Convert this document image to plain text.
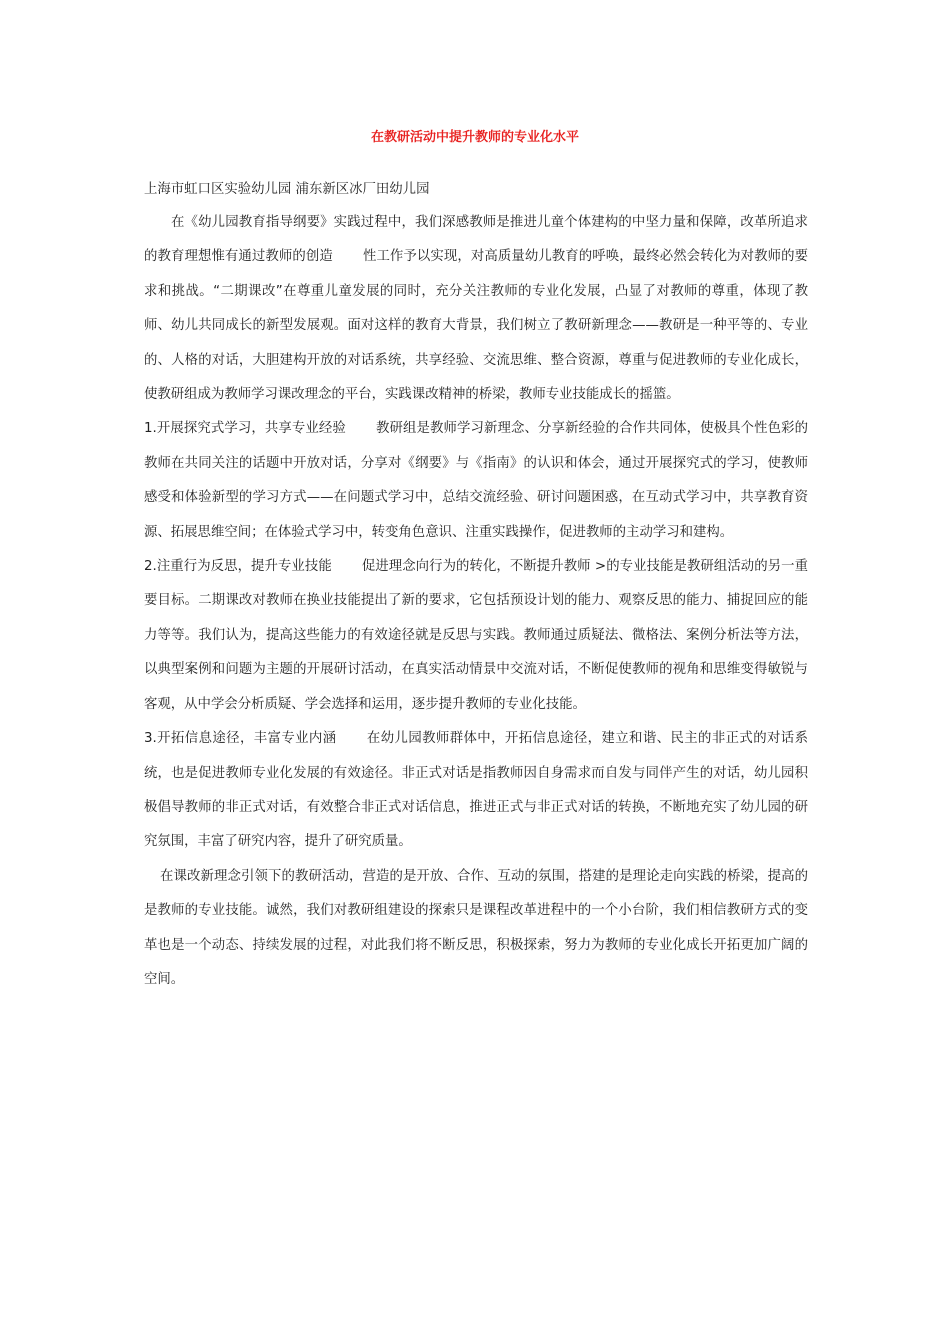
在教研活动中提升教师的专业化水平

上海市虹口区实验幼儿园 浦东新区冰厂田幼儿园

在《幼儿园教育指导纲要》实践过程中，我们深感教师是推进儿童个体建构的中坚力量和保障，改革所追求的教育理想惟有通过教师的创造 性工作予以实现，对高质量幼儿教育的呼唤，最终必然会转化为对教师的要求和挑战。“二期课改”在尊重儿童发展的同时，充分关注教师的专业化发展，凸显了对教师的尊重，体现了教师、幼儿共同成长的新型发展观。面对这样的教育大背景，我们树立了教研新理念——教研是一种平等的、专业的、人格的对话，大胆建构开放的对话系统，共享经验、交流思维、整合资源，尊重与促进教师的专业化成长，使教研组成为教师学习课改理念的平台，实践课改精神的桥梁，教师专业技能成长的摇篮。

1.开展探究式学习，共享专业经验 教研组是教师学习新理念、分享新经验的合作共同体，使极具个性色彩的教师在共同关注的话题中开放对话，分享对《纲要》与《指南》的认识和体会，通过开展探究式的学习，使教师感受和体验新型的学习方式——在问题式学习中，总结交流经验、研讨问题困惑，在互动式学习中，共享教育资源、拓展思维空间；在体验式学习中，转变角色意识、注重实践操作，促进教师的主动学习和建构。

2.注重行为反思，提升专业技能 促进理念向行为的转化，不断提升教师 >的专业技能是教研组活动的另一重要目标。二期课改对教师在换业技能提出了新的要求，它包括预设计划的能力、观察反思的能力、捕捉回应的能力等等。我们认为，提高这些能力的有效途径就是反思与实践。教师通过质疑法、微格法、案例分析法等方法，以典型案例和问题为主题的开展研讨活动，在真实活动情景中交流对话，不断促使教师的视角和思维变得敏锐与客观，从中学会分析质疑、学会选择和运用，逐步提升教师的专业化技能。

3.开拓信息途径，丰富专业内涵 在幼儿园教师群体中，开拓信息途径，建立和谐、民主的非正式的对话系统，也是促进教师专业化发展的有效途径。非正式对话是指教师因自身需求而自发与同伴产生的对话，幼儿园积极倡导教师的非正式对话，有效整合非正式对话信息，推进正式与非正式对话的转换，不断地充实了幼儿园的研究氛围，丰富了研究内容，提升了研究质量。

在课改新理念引领下的教研活动，营造的是开放、合作、互动的氛围，搭建的是理论走向实践的桥梁，提高的是教师的专业技能。诚然，我们对教研组建设的探索只是课程改革进程中的一个小台阶，我们相信教研方式的变革也是一个动态、持续发展的过程，对此我们将不断反思，积极探索，努力为教师的专业化成长开拓更加广阔的空间。
